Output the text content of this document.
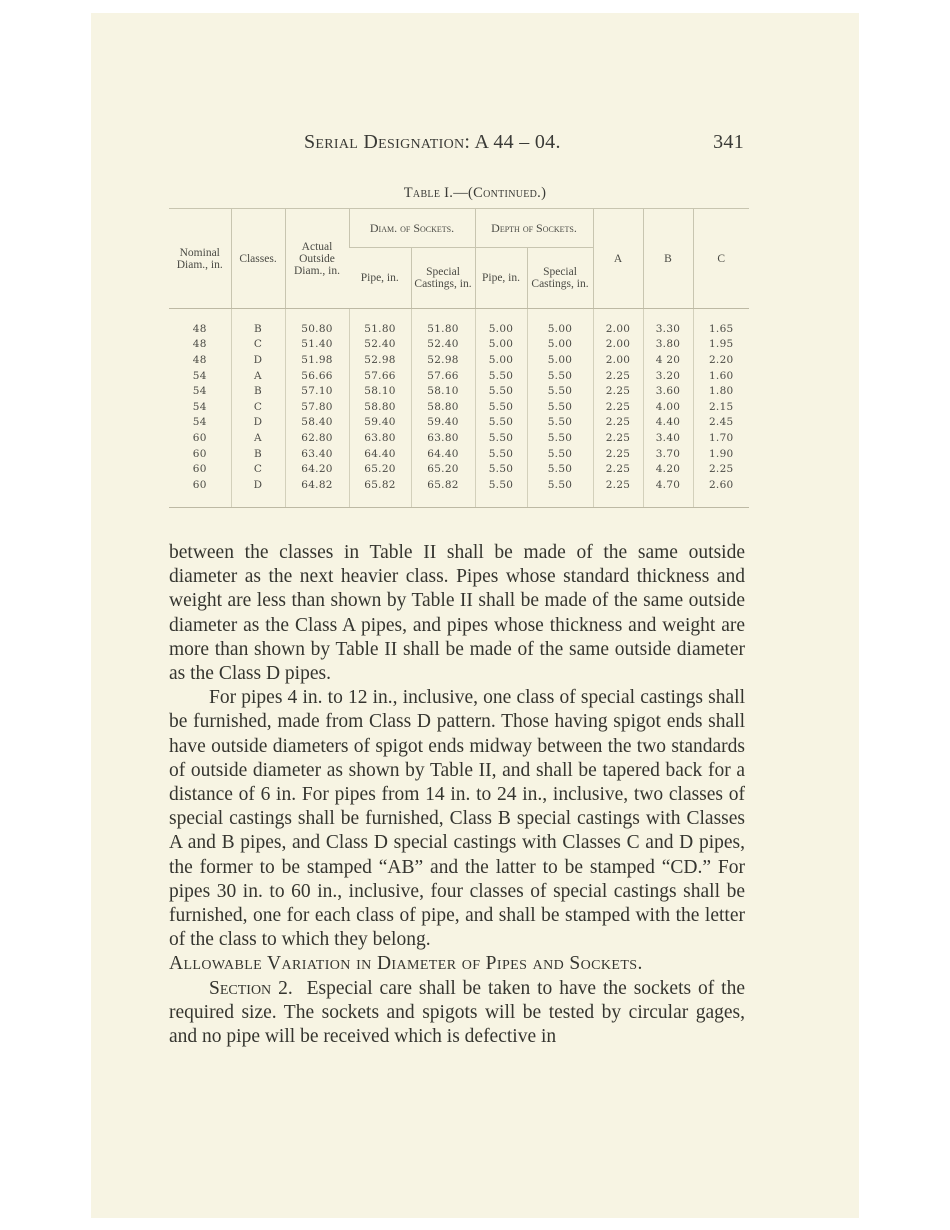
Serial Designation: A 44 – 04.	341
Table I.—(Continued.)
Nominal Diam., in.	Classes.	Actual Outside Diam., in.	Diam. of Sockets.		Depth of Sockets.		A	B	C
			Pipe, in.	Special Castings, in.	Pipe, in.	Special Castings, in.			
48	B	50.80	51.80	51.80	5.00	5.00	2.00	3.30	1.65
48	C	51.40	52.40	52.40	5.00	5.00	2.00	3.80	1.95
48	D	51.98	52.98	52.98	5.00	5.00	2.00	4 20	2.20
54	A	56.66	57.66	57.66	5.50	5.50	2.25	3.20	1.60
54	B	57.10	58.10	58.10	5.50	5.50	2.25	3.60	1.80
54	C	57.80	58.80	58.80	5.50	5.50	2.25	4.00	2.15
54	D	58.40	59.40	59.40	5.50	5.50	2.25	4.40	2.45
60	A	62.80	63.80	63.80	5.50	5.50	2.25	3.40	1.70
60	B	63.40	64.40	64.40	5.50	5.50	2.25	3.70	1.90
60	C	64.20	65.20	65.20	5.50	5.50	2.25	4.20	2.25
60	D	64.82	65.82	65.82	5.50	5.50	2.25	4.70	2.60

between the classes in Table II shall be made of the same outside diameter as the next heavier class. Pipes whose standard thickness and weight are less than shown by Table II shall be made of the same outside diameter as the Class A pipes, and pipes whose thickness and weight are more than shown by Table II shall be made of the same outside diameter as the Class D pipes.

For pipes 4 in. to 12 in., inclusive, one class of special castings shall be furnished, made from Class D pattern. Those having spigot ends shall have outside diameters of spigot ends midway between the two standards of outside diameter as shown by Table II, and shall be tapered back for a distance of 6 in. For pipes from 14 in. to 24 in., inclusive, two classes of special castings shall be furnished, Class B special castings with Classes A and B pipes, and Class D special castings with Classes C and D pipes, the former to be stamped “AB” and the latter to be stamped “CD.” For pipes 30 in. to 60 in., inclusive, four classes of special castings shall be furnished, one for each class of pipe, and shall be stamped with the letter of the class to which they belong.

Allowable Variation in Diameter of Pipes and Sockets.

Section 2. Especial care shall be taken to have the sockets of the required size. The sockets and spigots will be tested by circular gages, and no pipe will be received which is defective in
